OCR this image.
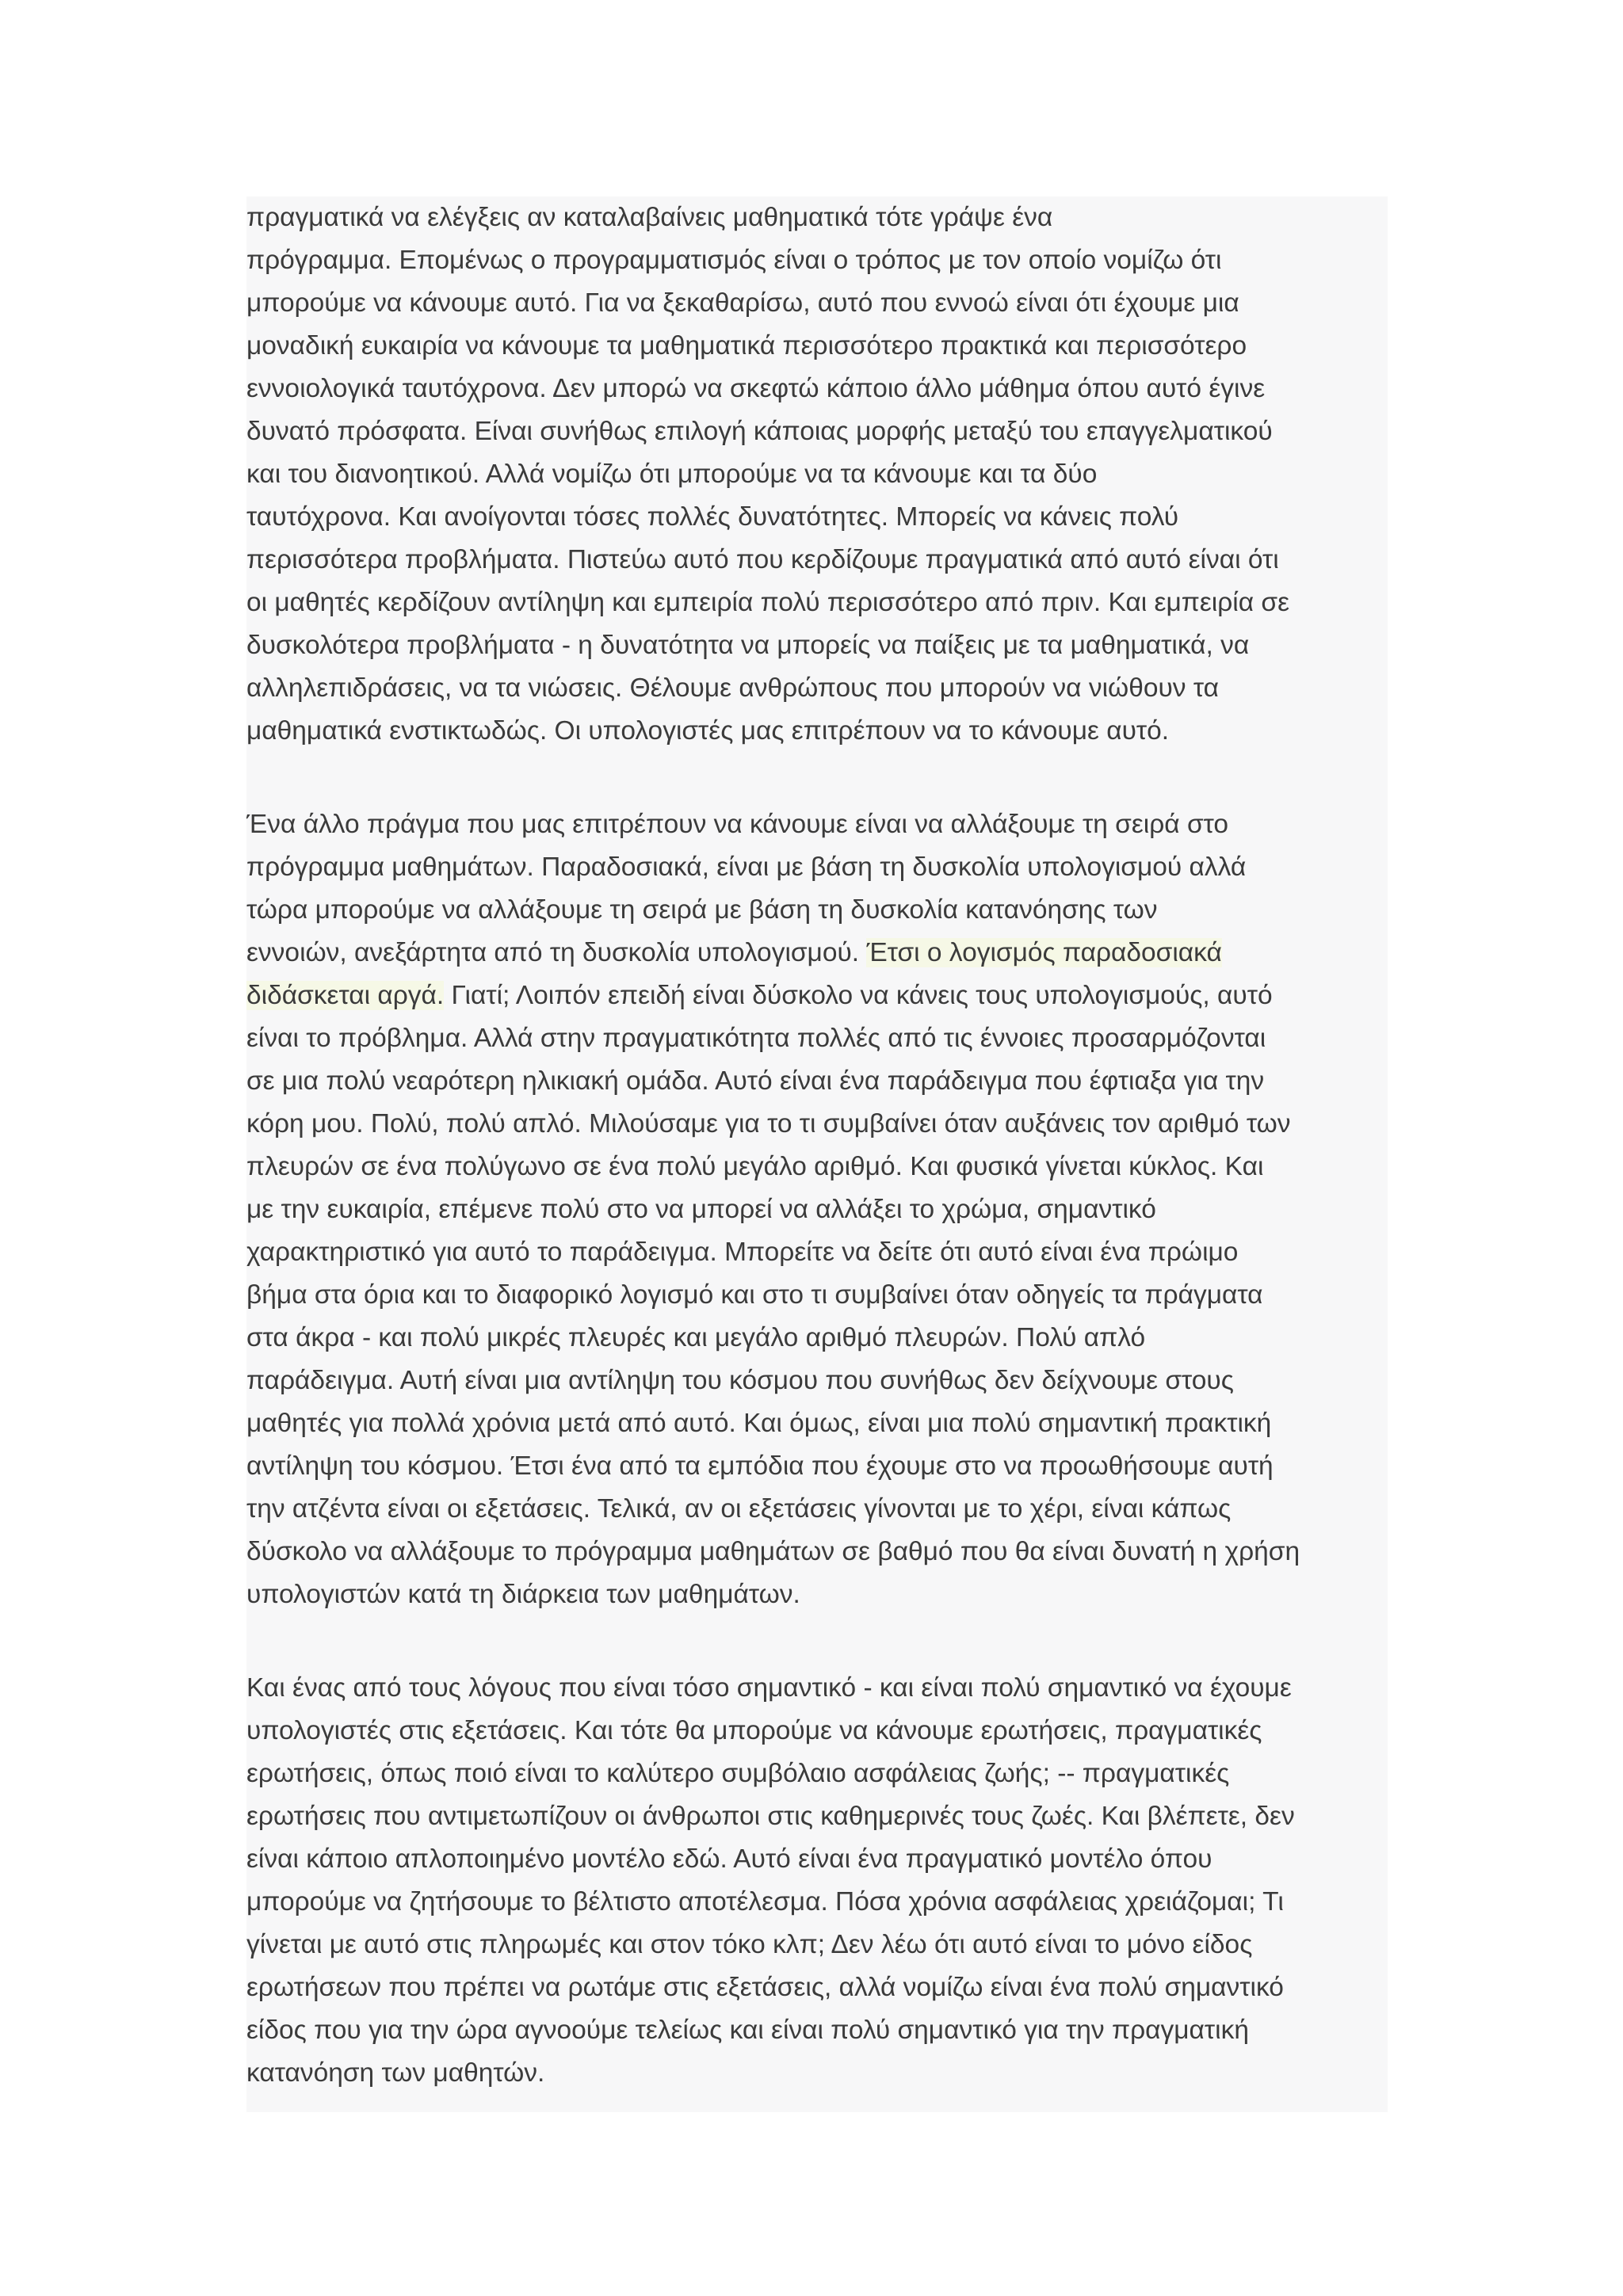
πραγματικά να ελέγξεις αν καταλαβαίνεις μαθηματικά τότε γράψε ένα
πρόγραμμα. Επομένως ο προγραμματισμός είναι ο τρόπος με τον οποίο νομίζω ότι
μπορούμε να κάνουμε αυτό. Για να ξεκαθαρίσω, αυτό που εννοώ είναι ότι έχουμε μια
μοναδική ευκαιρία να κάνουμε τα μαθηματικά περισσότερο πρακτικά και περισσότερο
εννοιολογικά ταυτόχρονα. Δεν μπορώ να σκεφτώ κάποιο άλλο μάθημα όπου αυτό έγινε
δυνατό πρόσφατα. Είναι συνήθως επιλογή κάποιας μορφής μεταξύ του επαγγελματικού
και του διανοητικού. Αλλά νομίζω ότι μπορούμε να τα κάνουμε και τα δύο
ταυτόχρονα. Και ανοίγονται τόσες πολλές δυνατότητες. Μπορείς να κάνεις πολύ
περισσότερα προβλήματα. Πιστεύω αυτό που κερδίζουμε πραγματικά από αυτό είναι ότι
οι μαθητές κερδίζουν αντίληψη και εμπειρία πολύ περισσότερο από πριν. Και εμπειρία σε
δυσκολότερα προβλήματα - η δυνατότητα να μπορείς να παίξεις με τα μαθηματικά, να
αλληλεπιδράσεις, να τα νιώσεις. Θέλουμε ανθρώπους που μπορούν να νιώθουν τα
μαθηματικά ενστικτωδώς. Οι υπολογιστές μας επιτρέπουν να το κάνουμε αυτό.
Ένα άλλο πράγμα που μας επιτρέπουν να κάνουμε είναι να αλλάξουμε τη σειρά στο
πρόγραμμα μαθημάτων. Παραδοσιακά, είναι με βάση τη δυσκολία υπολογισμού αλλά
τώρα μπορούμε να αλλάξουμε τη σειρά με βάση τη δυσκολία κατανόησης των
εννοιών, ανεξάρτητα από τη δυσκολία υπολογισμού. Έτσι ο λογισμός παραδοσιακά
διδάσκεται αργά. Γιατί; Λοιπόν επειδή είναι δύσκολο να κάνεις τους υπολογισμούς, αυτό
είναι το πρόβλημα. Αλλά στην πραγματικότητα πολλές από τις έννοιες προσαρμόζονται
σε μια πολύ νεαρότερη ηλικιακή ομάδα. Αυτό είναι ένα παράδειγμα που έφτιαξα για την
κόρη μου. Πολύ, πολύ απλό. Μιλούσαμε για το τι συμβαίνει όταν αυξάνεις τον αριθμό των
πλευρών σε ένα πολύγωνο σε ένα πολύ μεγάλο αριθμό. Και φυσικά γίνεται κύκλος. Και
με την ευκαιρία, επέμενε πολύ στο να μπορεί να αλλάξει το χρώμα, σημαντικό
χαρακτηριστικό για αυτό το παράδειγμα. Μπορείτε να δείτε ότι αυτό είναι ένα πρώιμο
βήμα στα όρια και το διαφορικό λογισμό και στο τι συμβαίνει όταν οδηγείς τα πράγματα
στα άκρα - και πολύ μικρές πλευρές και μεγάλο αριθμό πλευρών. Πολύ απλό
παράδειγμα. Αυτή είναι μια αντίληψη του κόσμου που συνήθως δεν δείχνουμε στους
μαθητές για πολλά χρόνια μετά από αυτό. Και όμως, είναι μια πολύ σημαντική πρακτική
αντίληψη του κόσμου. Έτσι ένα από τα εμπόδια που έχουμε στο να προωθήσουμε αυτή
την ατζέντα είναι οι εξετάσεις. Τελικά, αν οι εξετάσεις γίνονται με το χέρι, είναι κάπως
δύσκολο να αλλάξουμε το πρόγραμμα μαθημάτων σε βαθμό που θα είναι δυνατή η χρήση
υπολογιστών κατά τη διάρκεια των μαθημάτων.
Και ένας από τους λόγους που είναι τόσο σημαντικό - και είναι πολύ σημαντικό να έχουμε
υπολογιστές στις εξετάσεις. Και τότε θα μπορούμε να κάνουμε ερωτήσεις, πραγματικές
ερωτήσεις, όπως ποιό είναι το καλύτερο συμβόλαιο ασφάλειας ζωής; -- πραγματικές
ερωτήσεις που αντιμετωπίζουν οι άνθρωποι στις καθημερινές τους ζωές. Και βλέπετε, δεν
είναι κάποιο απλοποιημένο μοντέλο εδώ. Αυτό είναι ένα πραγματικό μοντέλο όπου
μπορούμε να ζητήσουμε το βέλτιστο αποτέλεσμα. Πόσα χρόνια ασφάλειας χρειάζομαι; Τι
γίνεται με αυτό στις πληρωμές και στον τόκο κλπ; Δεν λέω ότι αυτό είναι το μόνο είδος
ερωτήσεων που πρέπει να ρωτάμε στις εξετάσεις, αλλά νομίζω είναι ένα πολύ σημαντικό
είδος που για την ώρα αγνοούμε τελείως και είναι πολύ σημαντικό για την πραγματική
κατανόηση των μαθητών.
